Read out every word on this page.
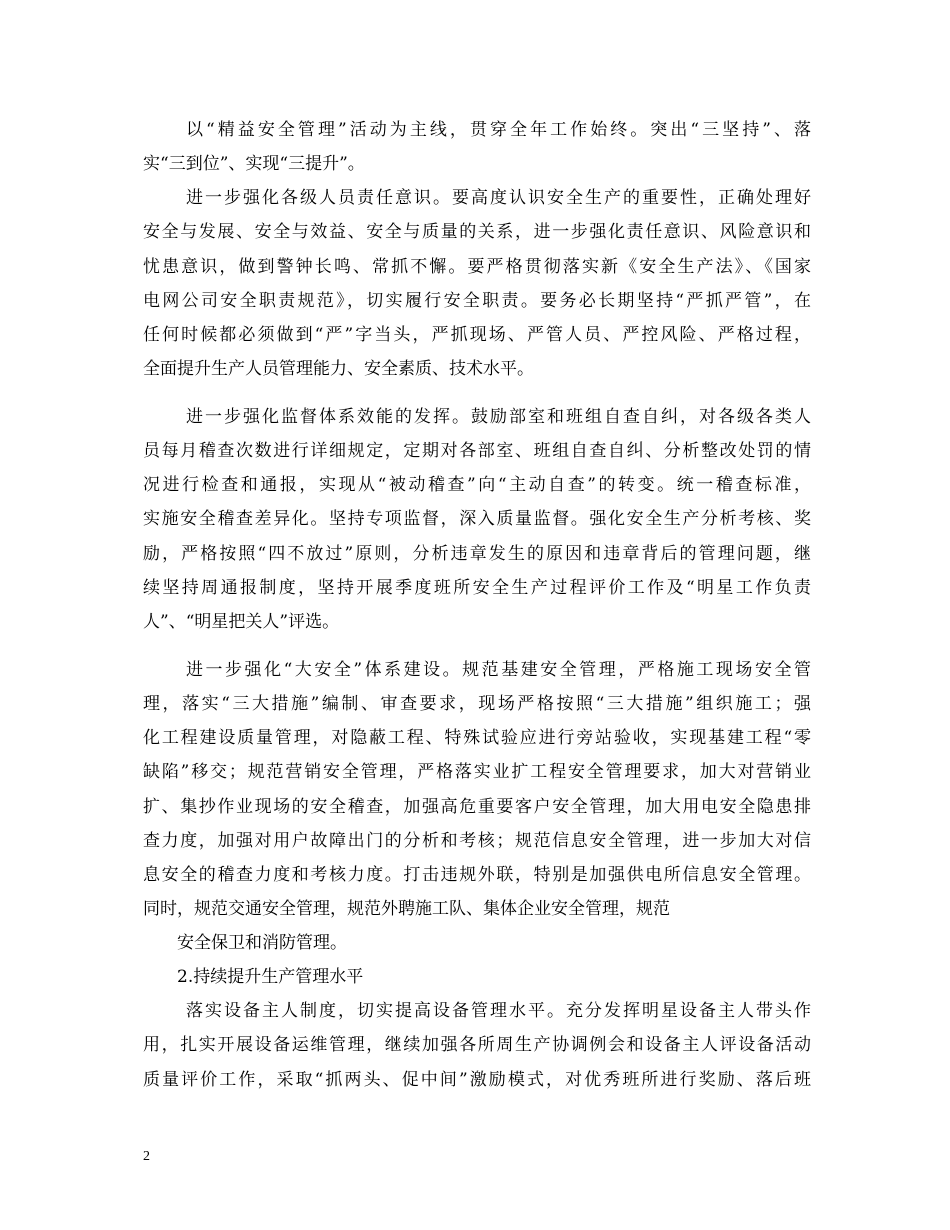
以“精益安全管理”活动为主线，贯穿全年工作始终。突出“三坚持”、落
实“三到位”、实现“三提升”。
进一步强化各级人员责任意识。要高度认识安全生产的重要性，正确处理好
安全与发展、安全与效益、安全与质量的关系，进一步强化责任意识、风险意识和
忧患意识，做到警钟长鸣、常抓不懈。要严格贯彻落实新《安全生产法》、《国家
电网公司安全职责规范》，切实履行安全职责。要务必长期坚持“严抓严管”，在
任何时候都必须做到“严”字当头，严抓现场、严管人员、严控风险、严格过程，
全面提升生产人员管理能力、安全素质、技术水平。
进一步强化监督体系效能的发挥。鼓励部室和班组自查自纠，对各级各类人
员每月稽查次数进行详细规定，定期对各部室、班组自查自纠、分析整改处罚的情
况进行检查和通报，实现从“被动稽查”向“主动自查”的转变。统一稽查标准，
实施安全稽查差异化。坚持专项监督，深入质量监督。强化安全生产分析考核、奖
励，严格按照“四不放过”原则，分析违章发生的原因和违章背后的管理问题，继
续坚持周通报制度，坚持开展季度班所安全生产过程评价工作及“明星工作负责
人”、“明星把关人”评选。
进一步强化“大安全”体系建设。规范基建安全管理，严格施工现场安全管
理，落实“三大措施”编制、审查要求，现场严格按照“三大措施”组织施工；强
化工程建设质量管理，对隐蔽工程、特殊试验应进行旁站验收，实现基建工程“零
缺陷”移交；规范营销安全管理，严格落实业扩工程安全管理要求，加大对营销业
扩、集抄作业现场的安全稽查，加强高危重要客户安全管理，加大用电安全隐患排
查力度，加强对用户故障出门的分析和考核；规范信息安全管理，进一步加大对信
息安全的稽查力度和考核力度。打击违规外联，特别是加强供电所信息安全管理。
同时，规范交通安全管理，规范外聘施工队、集体企业安全管理，规范
安全保卫和消防管理。
2.持续提升生产管理水平
落实设备主人制度，切实提高设备管理水平。充分发挥明星设备主人带头作
用，扎实开展设备运维管理，继续加强各所周生产协调例会和设备主人评设备活动
质量评价工作，采取“抓两头、促中间”激励模式，对优秀班所进行奖励、落后班
2
